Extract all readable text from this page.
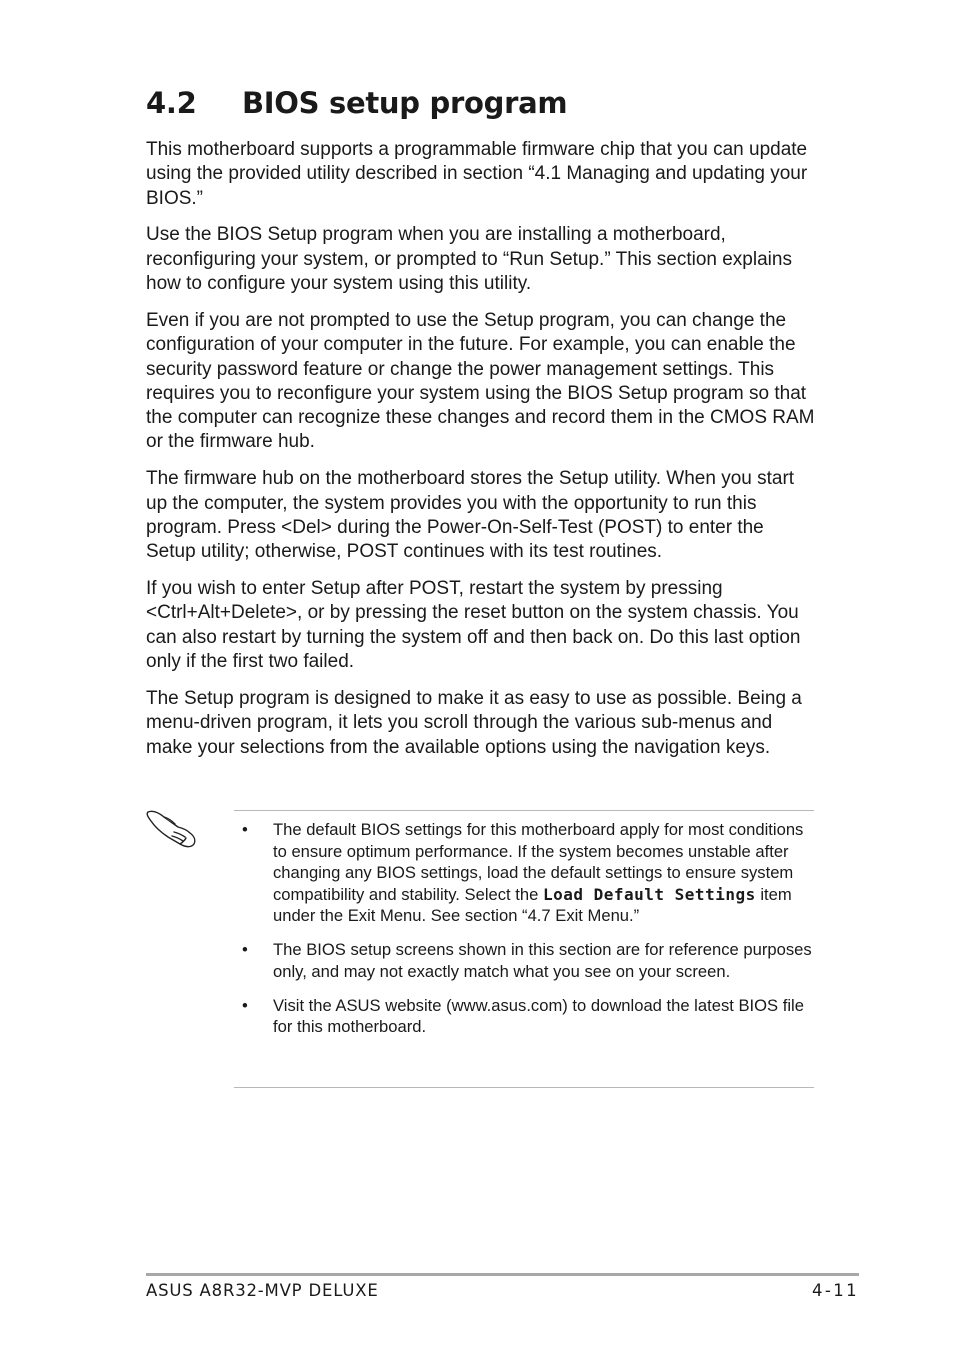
4.2 BIOS setup program

This motherboard supports a programmable firmware chip that you can update using the provided utility described in section “4.1 Managing and updating your BIOS.”

Use the BIOS Setup program when you are installing a motherboard, reconfiguring your system, or prompted to “Run Setup.” This section explains how to configure your system using this utility.

Even if you are not prompted to use the Setup program, you can change the configuration of your computer in the future. For example, you can enable the security password feature or change the power management settings. This requires you to reconfigure your system using the BIOS Setup program so that the computer can recognize these changes and record them in the CMOS RAM or the firmware hub.

The firmware hub on the motherboard stores the Setup utility. When you start up the computer, the system provides you with the opportunity to run this program. Press <Del> during the Power-On-Self-Test (POST) to enter the Setup utility; otherwise, POST continues with its test routines.

If you wish to enter Setup after POST, restart the system by pressing <Ctrl+Alt+Delete>, or by pressing the reset button on the system chassis. You can also restart by turning the system off and then back on. Do this last option only if the first two failed.

The Setup program is designed to make it as easy to use as possible. Being a menu-driven program, it lets you scroll through the various sub-menus and make your selections from the available options using the navigation keys.

• The default BIOS settings for this motherboard apply for most conditions to ensure optimum performance. If the system becomes unstable after changing any BIOS settings, load the default settings to ensure system compatibility and stability. Select the Load Default Settings item under the Exit Menu. See section “4.7 Exit Menu.”
• The BIOS setup screens shown in this section are for reference purposes only, and may not exactly match what you see on your screen.
• Visit the ASUS website (www.asus.com) to download the latest BIOS file for this motherboard.
ASUS A8R32-MVP DELUXE	4-11
